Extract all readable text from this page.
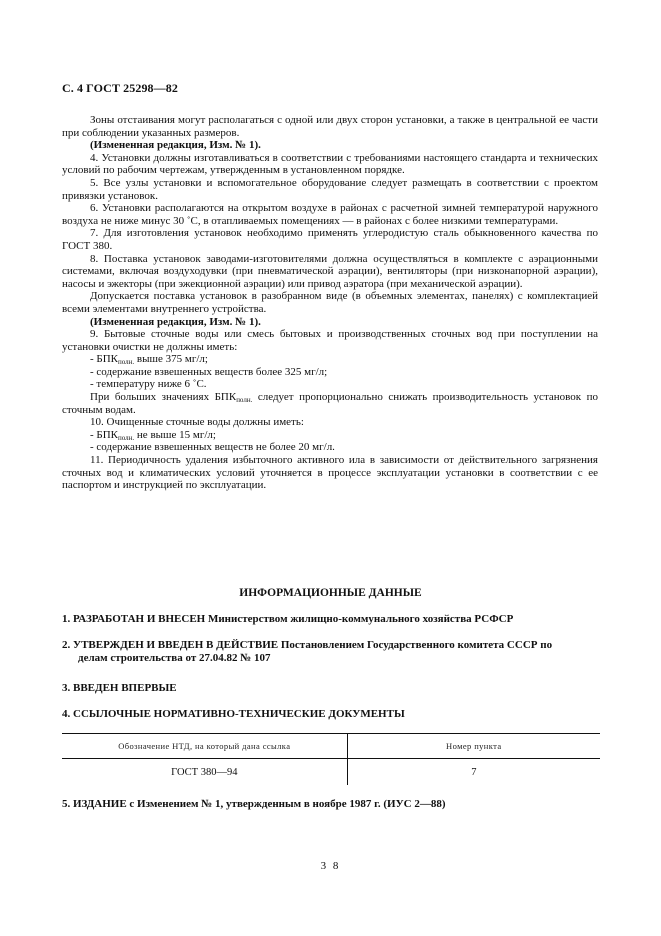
С. 4 ГОСТ 25298—82

Зоны отстаивания могут располагаться с одной или двух сторон установки, а также в центральной ее части при соблюдении указанных размеров.

(Измененная редакция, Изм. № 1).

4. Установки должны изготавливаться в соответствии с требованиями настоящего стандарта и технических условий по рабочим чертежам, утвержденным в установленном порядке.

5. Все узлы установки и вспомогательное оборудование следует размещать в соответствии с проектом привязки установок.

6. Установки располагаются на открытом воздухе в районах с расчетной зимней температурой наружного воздуха не ниже минус 30 ˚С, в отапливаемых помещениях — в районах с более низкими температурами.

7. Для изготовления установок необходимо применять углеродистую сталь обыкновенного качества по ГОСТ 380.

8. Поставка установок заводами-изготовителями должна осуществляться в комплекте с аэрационными системами, включая воздуходувки (при пневматической аэрации), вентиляторы (при низконапорной аэрации), насосы и эжекторы (при эжекционной аэрации) или привод аэратора (при механической аэрации).

Допускается поставка установок в разобранном виде (в объемных элементах, панелях) с комплектацией всеми элементами внутреннего устройства.

(Измененная редакция, Изм. № 1).

9. Бытовые сточные воды или смесь бытовых и производственных сточных вод при поступлении на установки очистки не должны иметь:

- $БПК_{полн.}$ выше 375 мг/л;

- содержание взвешенных веществ более 325 мг/л;

- температуру ниже 6 ˚С.

При больших значениях $БПК_{полн.}$ следует пропорционально снижать производительность установок по сточным водам.

10. Очищенные сточные воды должны иметь:

- $БПК_{полн.}$ не выше 15 мг/л;

- содержание взвешенных веществ не более 20 мг/л.

11. Периодичность удаления избыточного активного ила в зависимости от действительного загрязнения сточных вод и климатических условий уточняется в процессе эксплуатации установки в соответствии с ее паспортом и инструкцией по эксплуатации.

ИНФОРМАЦИОННЫЕ ДАННЫЕ
1. РАЗРАБОТАН И ВНЕСЕН Министерством жилищно-коммунального хозяйства РСФСР
2. УТВЕРЖДЕН И ВВЕДЕН В ДЕЙСТВИЕ Постановлением Государственного комитета СССР по
делам строительства от 27.04.82 № 107
3. ВВЕДЕН ВПЕРВЫЕ
4. ССЫЛОЧНЫЕ НОРМАТИВНО-ТЕХНИЧЕСКИЕ ДОКУМЕНТЫ
Обозначение НТД, на который дана ссылка	Номер пункта
ГОСТ 380—94	7
5. ИЗДАНИЕ с Изменением № 1, утвержденным в ноябре 1987 г. (ИУС 2—88)
3 8
